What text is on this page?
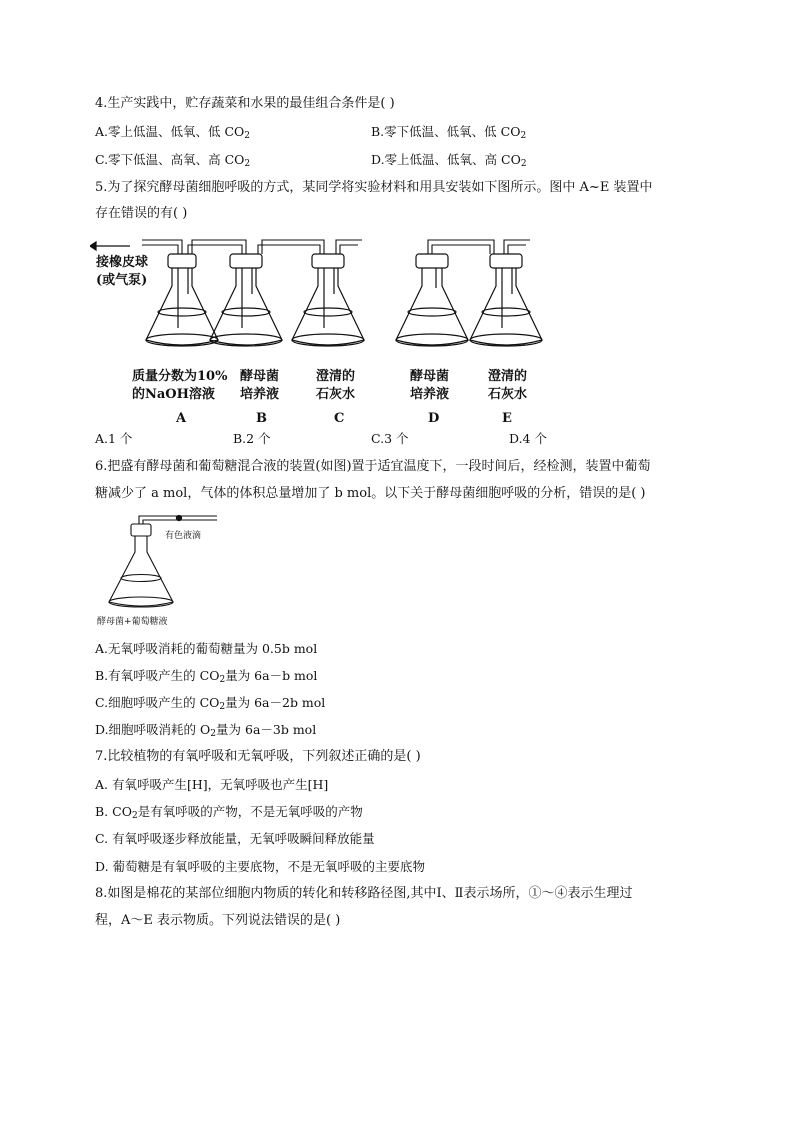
4.生产实践中，贮存蔬菜和水果的最佳组合条件是( )
A.零上低温、低氧、低 $CO_2$	B.零下低温、低氧、低 $CO_2$
C.零下低温、高氧、高 $CO_2$	D.零上低温、低氧、高 $CO_2$
5.为了探究酵母菌细胞呼吸的方式，某同学将实验材料和用具安装如下图所示。图中 A~E 装置中
存在错误的有( )
接橡皮球
(或气泵)
质量分数为10%
的NaOH溶液
A
酵母菌
培养液
B
澄清的
石灰水
C
酵母菌
培养液
D
澄清的
石灰水
E
A.1 个	B.2 个	C.3 个	D.4 个
6.把盛有酵母菌和葡萄糖混合液的装置(如图)置于适宜温度下，一段时间后，经检测，装置中葡萄
糖减少了 a mol，气体的体积总量增加了 b mol。以下关于酵母菌细胞呼吸的分析，错误的是( )
有色液滴
酵母菌+葡萄糖液
A.无氧呼吸消耗的葡萄糖量为 0.5b mol
B.有氧呼吸产生的 $CO_2$量为 6a－b mol
C.细胞呼吸产生的 $CO_2$量为 6a－2b mol
D.细胞呼吸消耗的 $O_2$量为 6a－3b mol
7.比较植物的有氧呼吸和无氧呼吸，下列叙述正确的是( )
A. 有氧呼吸产生[H]，无氧呼吸也产生[H]
B. $CO_2$是有氧呼吸的产物，不是无氧呼吸的产物
C. 有氧呼吸逐步释放能量，无氧呼吸瞬间释放能量
D. 葡萄糖是有氧呼吸的主要底物，不是无氧呼吸的主要底物
8.如图是棉花的某部位细胞内物质的转化和转移路径图,其中Ⅰ、Ⅱ表示场所，①～④表示生理过
程，A～E 表示物质。下列说法错误的是( )
